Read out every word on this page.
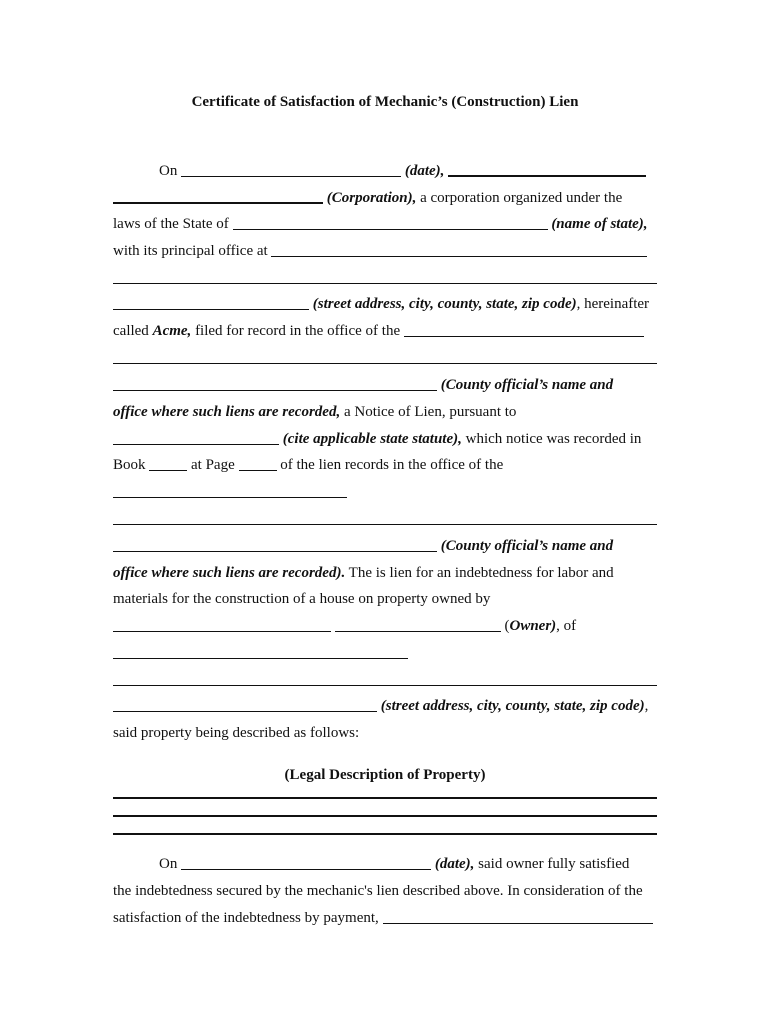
Certificate of Satisfaction of Mechanic’s (Construction) Lien
On	(date),
(Corporation), a corporation organized under the
laws of the State of	(name of state),
with its principal office at
(street address, city, county, state, zip code), hereinafter
called Acme, filed for record in the office of the
(County official’s name and
office where such liens are recorded, a Notice of Lien, pursuant to
(cite applicable state statute), which notice was recorded in
Book	at Page	of the lien records in the office of the
(County official’s name and
office where such liens are recorded). The is lien for an indebtedness for labor and
materials for the construction of a house on property owned by
(Owner), of
(street address, city, county, state, zip code),
said property being described as follows:
(Legal Description of Property)
On	(date), said owner fully satisfied
the indebtedness secured by the mechanic's lien described above. In consideration of the
satisfaction of the indebtedness by payment,
